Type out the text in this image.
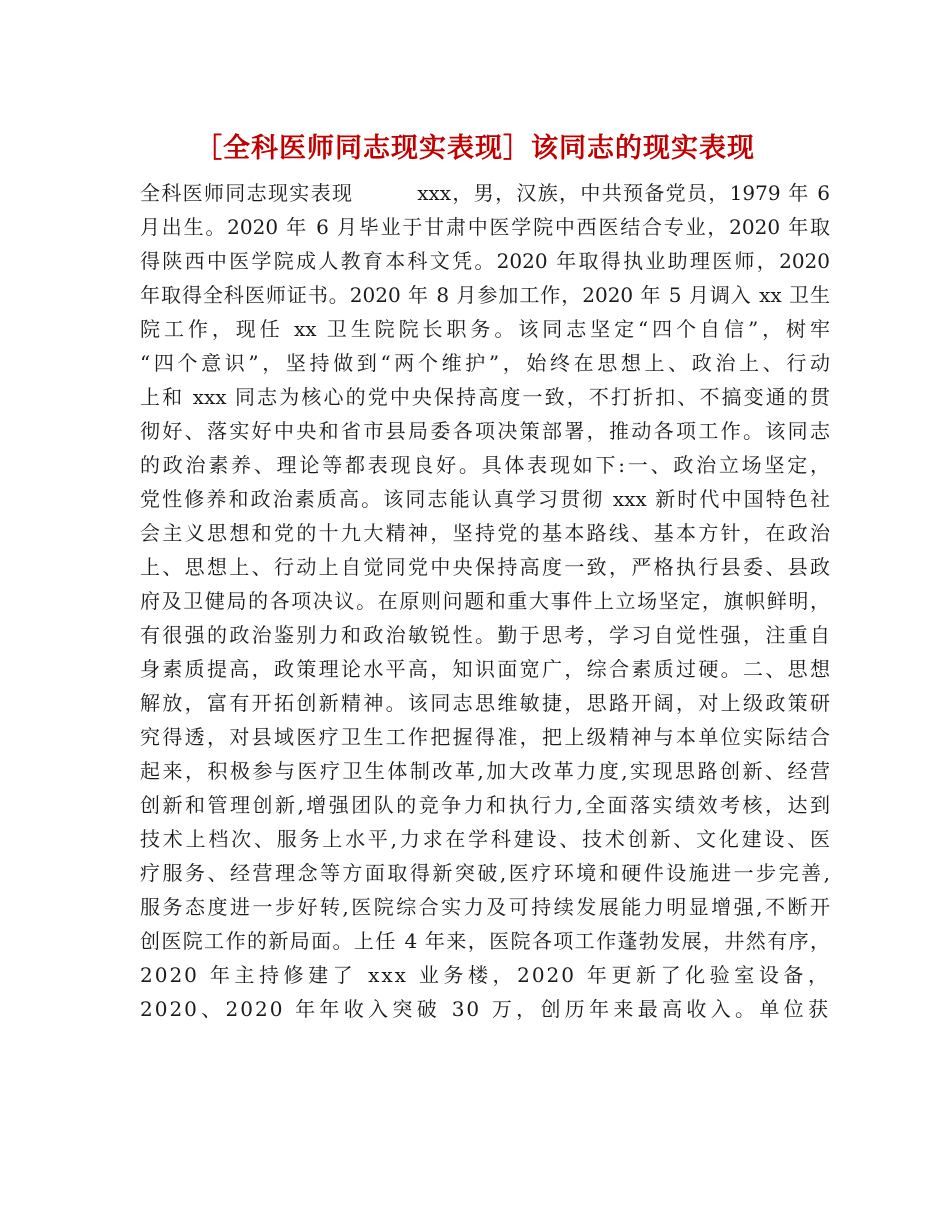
［全科医师同志现实表现］该同志的现实表现
全科医师同志现实表现　　　xxx，男，汉族，中共预备党员，1979 年 6
月出生。2020 年 6 月毕业于甘肃中医学院中西医结合专业，2020 年取
得陕西中医学院成人教育本科文凭。2020 年取得执业助理医师，2020
年取得全科医师证书。2020 年 8 月参加工作，2020 年 5 月调入 xx 卫生
院工作，现任 xx 卫生院院长职务。该同志坚定“四个自信”，树牢
“四个意识”，坚持做到“两个维护”，始终在思想上、政治上、行动
上和 xxx 同志为核心的党中央保持高度一致，不打折扣、不搞变通的贯
彻好、落实好中央和省市县局委各项决策部署，推动各项工作。该同志
的政治素养、理论等都表现良好。具体表现如下:一、政治立场坚定，
党性修养和政治素质高。该同志能认真学习贯彻 xxx 新时代中国特色社
会主义思想和党的十九大精神，坚持党的基本路线、基本方针，在政治
上、思想上、行动上自觉同党中央保持高度一致，严格执行县委、县政
府及卫健局的各项决议。在原则问题和重大事件上立场坚定，旗帜鲜明，
有很强的政治鉴别力和政治敏锐性。勤于思考，学习自觉性强，注重自
身素质提高，政策理论水平高，知识面宽广，综合素质过硬。二、思想
解放，富有开拓创新精神。该同志思维敏捷，思路开阔，对上级政策研
究得透，对县域医疗卫生工作把握得准，把上级精神与本单位实际结合
起来，积极参与医疗卫生体制改革,加大改革力度,实现思路创新、经营
创新和管理创新,增强团队的竞争力和执行力,全面落实绩效考核，达到
技术上档次、服务上水平,力求在学科建设、技术创新、文化建设、医
疗服务、经营理念等方面取得新突破,医疗环境和硬件设施进一步完善,
服务态度进一步好转,医院综合实力及可持续发展能力明显增强,不断开
创医院工作的新局面。上任 4 年来，医院各项工作蓬勃发展，井然有序，
2020 年主持修建了 xxx 业务楼，2020 年更新了化验室设备，
2020、2020 年年收入突破 30 万，创历年来最高收入。单位获
